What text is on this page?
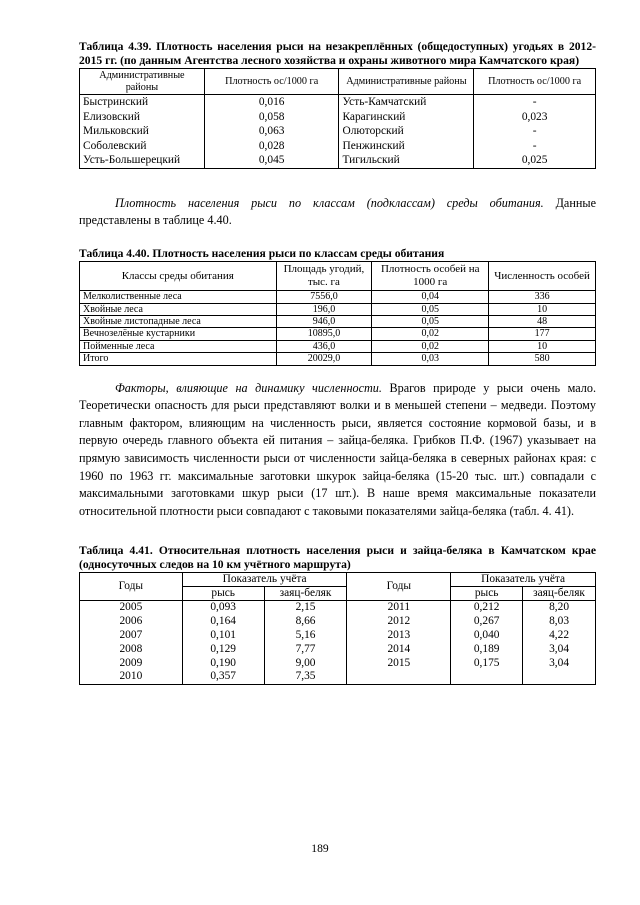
Таблица 4.39. Плотность населения рыси на незакреплённых (общедоступных) угодьях в 2012-2015 гг. (по данным Агентства лесного хозяйства и охраны животного мира Камчатского края)

Административные районы	Плотность ос/1000 га	Административные районы	Плотность ос/1000 га
Быстринский	0,016	Усть-Камчатский	-
Елизовский	0,058	Карагинский	0,023
Мильковский	0,063	Олюторский	-
Соболевский	0,028	Пенжинский	-
Усть-Большерецкий	0,045	Тигильский	0,025

Плотность населения рыси по классам (подклассам) среды обитания. Данные представлены в таблице 4.40.

Таблица 4.40. Плотность населения рыси по классам среды обитания

Классы среды обитания	Площадь угодий, тыс. га	Плотность особей на 1000 га	Численность особей
Мелколиственные леса	7556,0	0,04	336
Хвойные леса	196,0	0,05	10
Хвойные листопадные леса	946,0	0,05	48
Вечнозелёные кустарники	10895,0	0,02	177
Пойменные леса	436,0	0,02	10
Итого	20029,0	0,03	580

Факторы, влияющие на динамику численности. Врагов природе у рыси очень мало. Теоретически опасность для рыси представляют волки и в меньшей степени – медведи. Поэтому главным фактором, влияющим на численность рыси, является состояние кормовой базы, и в первую очередь главного объекта ей питания – зайца-беляка. Грибков П.Ф. (1967) указывает на прямую зависимость численности рыси от численности зайца-беляка в северных районах края: с 1960 по 1963 гг. максимальные заготовки шкурок зайца-беляка (15-20 тыс. шт.) совпадали с максимальными заготовками шкур рыси (17 шт.). В наше время максимальные показатели относительной плотности рыси совпадают с таковыми показателями зайца-беляка (табл. 4. 41).

Таблица 4.41. Относительная плотность населения рыси и зайца-беляка в Камчатском крае (односуточных следов на 10 км учётного маршрута)

Годы	Показатель учёта		Годы	Показатель учёта	
	рысь	заяц-беляк		рысь	заяц-беляк
2005	0,093	2,15	2011	0,212	8,20
2006	0,164	8,66	2012	0,267	8,03
2007	0,101	5,16	2013	0,040	4,22
2008	0,129	7,77	2014	0,189	3,04
2009	0,190	9,00	2015	0,175	3,04
2010	0,357	7,35			
189
